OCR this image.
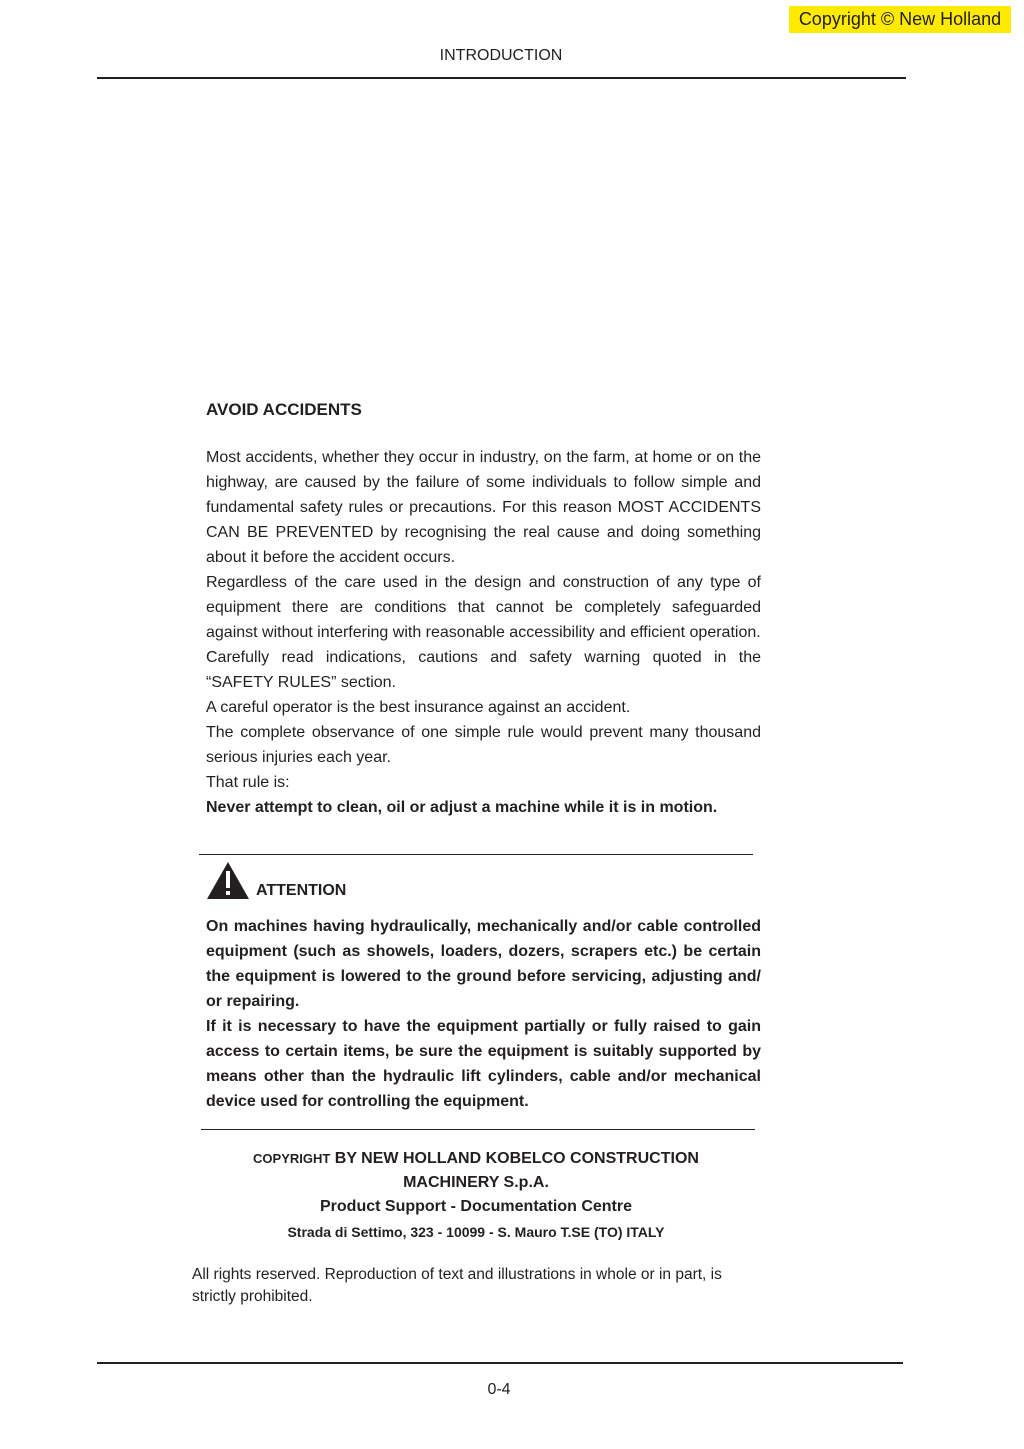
Copyright © New Holland
INTRODUCTION
AVOID ACCIDENTS

Most accidents, whether they occur in industry, on the farm, at home or on the highway, are caused by the failure of some individuals to follow simple and fundamental safety rules or precautions. For this reason MOST ACCIDENTS CAN BE PREVENTED by recognising the real cause and doing something about it before the accident occurs.

Regardless of the care used in the design and construction of any type of equipment there are conditions that cannot be completely safeguarded against without interfering with reasonable accessibility and efficient operation.

Carefully read indications, cautions and safety warning quoted in the “SAFETY RULES” section.

A careful operator is the best insurance against an accident.

The complete observance of one simple rule would prevent many thousand serious injuries each year.

That rule is:

Never attempt to clean, oil or adjust a machine while it is in motion.

ATTENTION

On machines having hydraulically, mechanically and/or cable controlled equipment (such as showels, loaders, dozers, scrapers etc.) be certain the equipment is lowered to the ground before servicing, adjusting and/ or repairing.

If it is necessary to have the equipment partially or fully raised to gain access to certain items, be sure the equipment is suitably supported by means other than the hydraulic lift cylinders, cable and/or mechanical device used for controlling the equipment.

COPYRIGHT BY NEW HOLLAND KOBELCO CONSTRUCTION
MACHINERY S.p.A.
Product Support - Documentation Centre
Strada di Settimo, 323 - 10099 - S. Mauro T.SE (TO) ITALY
All rights reserved. Reproduction of text and illustrations in whole or in part, is strictly prohibited.
0-4
